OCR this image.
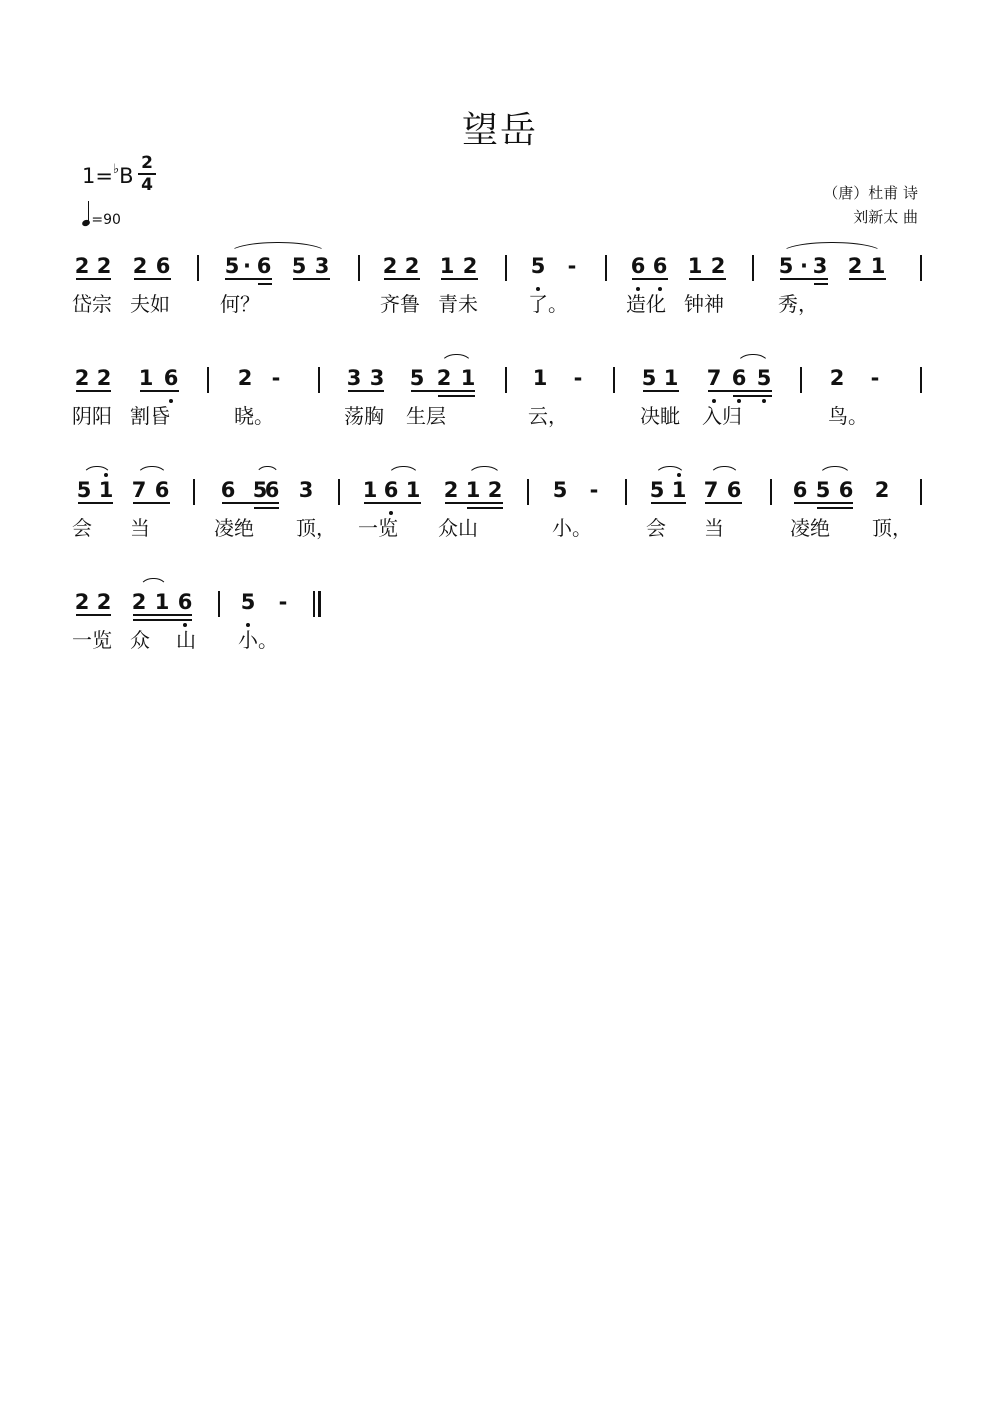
望岳
1=♭B
2
4
=90
（唐）杜甫 诗
刘新太 曲
2 2 2 6	5 6 5 3	2 2 1 2	5	6 6 1 2	5 3 2 1
-
岱宗 夫如	何？	齐鲁 青未	了。	造化 钟神	秀，
2 2 1 6	2	3 3 5 2 1	1	5 1 7 6 5	2
-	-	-
阴阳 割昏	晓。	荡胸 生层	云，	决眦 入归	鸟。
5 1 7 6 6 5
6 3 1 6 1 2 1 2 5	5 1 7 6 6 5 6 2
-
会 当	凌绝 顶， 一览 众山	小。	会 当	凌绝 顶，
2 2 2 1 6 5 -
一览 众 山 小。
·	·
